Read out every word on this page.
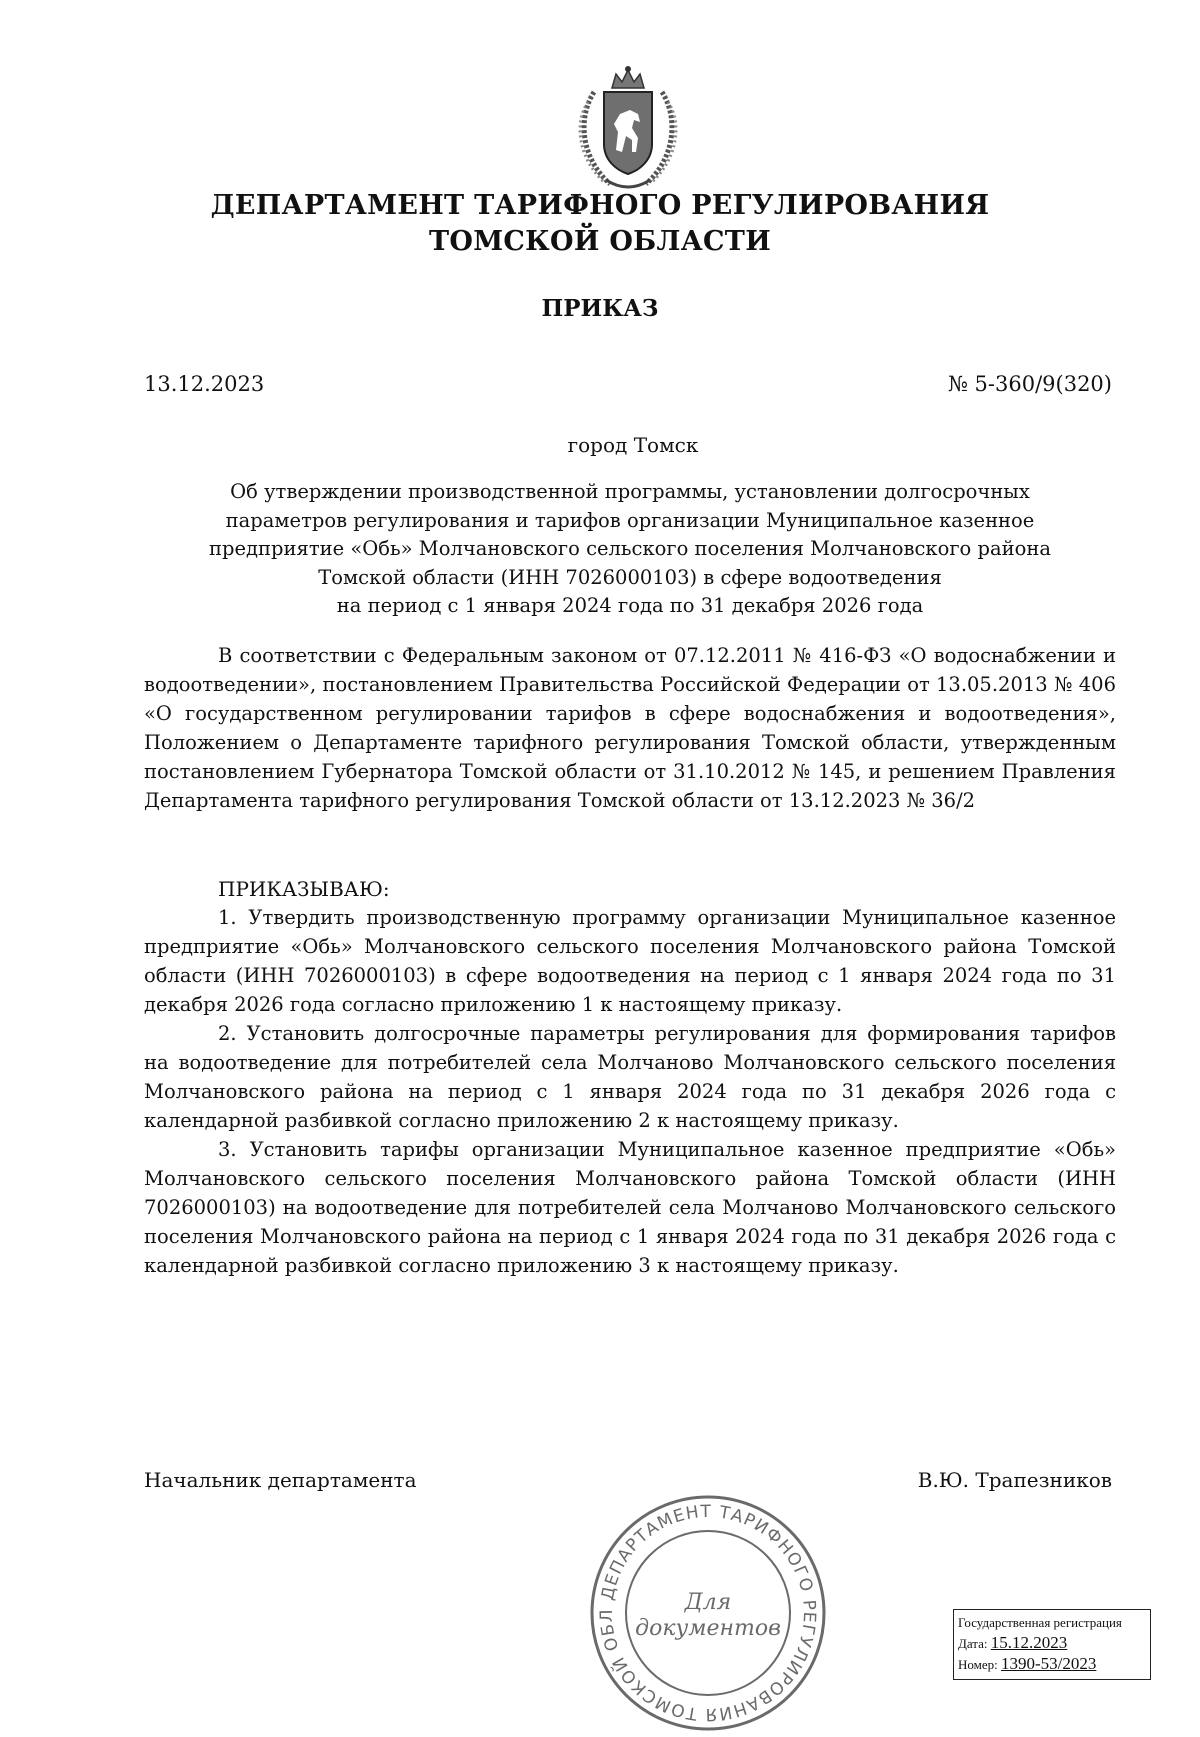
ДЕПАРТАМЕНТ ТАРИФНОГО РЕГУЛИРОВАНИЯ
ТОМСКОЙ ОБЛАСТИ
ПРИКАЗ
13.12.2023	№ 5-360/9(320)
город Томск
Об утверждении производственной программы, установлении долгосрочных
параметров регулирования и тарифов организации Муниципальное казенное
предприятие «Обь» Молчановского сельского поселения Молчановского района
Томской области (ИНН 7026000103) в сфере водоотведения
на период с 1 января 2024 года по 31 декабря 2026 года

В соответствии с Федеральным законом от 07.12.2011 № 416-ФЗ «О водоснабжении и водоотведении», постановлением Правительства Российской Федерации от 13.05.2013 № 406 «О государственном регулировании тарифов в сфере водоснабжения и водоотведения», Положением о Департаменте тарифного регулирования Томской области, утвержденным постановлением Губернатора Томской области от 31.10.2012 № 145, и решением Правления Департамента тарифного регулирования Томской области от 13.12.2023 № 36/2

ПРИКАЗЫВАЮ:

1. Утвердить производственную программу организации Муниципальное казенное предприятие «Обь» Молчановского сельского поселения Молчановского района Томской области (ИНН 7026000103) в сфере водоотведения на период с 1 января 2024 года по 31 декабря 2026 года согласно приложению 1 к настоящему приказу.

2. Установить долгосрочные параметры регулирования для формирования тарифов на водоотведение для потребителей села Молчаново Молчановского сельского поселения Молчановского района на период с 1 января 2024 года по 31 декабря 2026 года с календарной разбивкой согласно приложению 2 к настоящему приказу.

3. Установить тарифы организации Муниципальное казенное предприятие «Обь» Молчановского сельского поселения Молчановского района Томской области (ИНН 7026000103) на водоотведение для потребителей села Молчаново Молчановского сельского поселения Молчановского района на период с 1 января 2024 года по 31 декабря 2026 года с календарной разбивкой согласно приложению 3 к настоящему приказу.

Начальник департамента	В.Ю. Трапезников
ДЕПАРТАМЕНТ ТАРИФНОГО РЕГУЛИРОВАНИЯ ТОМСКОЙ ОБЛ
Для
документов	Государственная регистрация
Дата: 15.12.2023
Номер: 1390-53/2023
